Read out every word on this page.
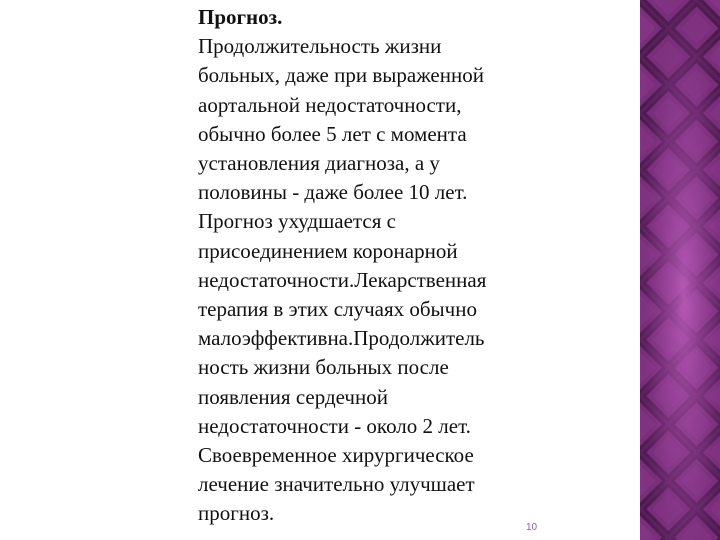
Прогноз.
Продолжительность жизни
больных, даже при выраженной
аортальной недостаточности,
обычно более 5 лет с момента
установления диагноза, а у
половины - даже более 10 лет.
Прогноз ухудшается с
присоединением коронарной
недостаточности.Лекарственная
терапия в этих случаях обычно
малоэффективна.Продолжитель
ность жизни больных после
появления сердечной
недостаточности - около 2 лет.
Своевременное хирургическое
лечение значительно улучшает
прогноз.
10
